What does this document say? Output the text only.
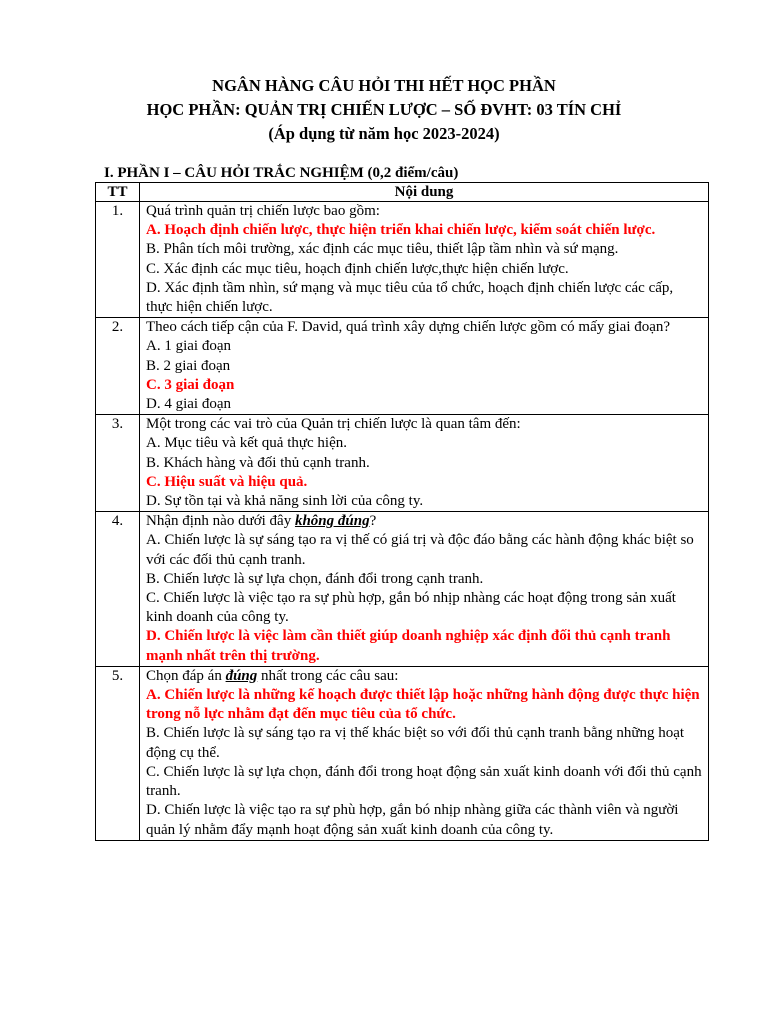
NGÂN HÀNG CÂU HỎI THI HẾT HỌC PHẦN
HỌC PHẦN: QUẢN TRỊ CHIẾN LƯỢC – SỐ ĐVHT: 03 TÍN CHỈ
(Áp dụng từ năm học 2023-2024)
I. PHẦN I – CÂU HỎI TRẮC NGHIỆM (0,2 điểm/câu)
TT	Nội dung
1.	Quá trình quản trị chiến lược bao gồm:
A. Hoạch định chiến lược, thực hiện triển khai chiến lược, kiểm soát chiến lược.
B. Phân tích môi trường, xác định các mục tiêu, thiết lập tầm nhìn và sứ mạng.
C. Xác định các mục tiêu, hoạch định chiến lược,thực hiện chiến lược.
D. Xác định tầm nhìn, sứ mạng và mục tiêu của tổ chức, hoạch định chiến lược các cấp, thực hiện chiến lược.

2.	Theo cách tiếp cận của F. David, quá trình xây dựng chiến lược gồm có mấy giai đoạn?
A. 1 giai đoạn
B. 2 giai đoạn
C. 3 giai đoạn
D. 4 giai đoạn

3.	Một trong các vai trò của Quản trị chiến lược là quan tâm đến:
A. Mục tiêu và kết quả thực hiện.
B. Khách hàng và đối thủ cạnh tranh.
C. Hiệu suất và hiệu quả.
D. Sự tồn tại và khả năng sinh lời của công ty.

4.	Nhận định nào dưới đây không đúng?
A. Chiến lược là sự sáng tạo ra vị thế có giá trị và độc đáo bằng các hành động khác biệt so với các đối thủ cạnh tranh.
B. Chiến lược là sự lựa chọn, đánh đổi trong cạnh tranh.
C. Chiến lược là việc tạo ra sự phù hợp, gắn bó nhịp nhàng các hoạt động trong sản xuất kinh doanh của công ty.
D. Chiến lược là việc làm cần thiết giúp doanh nghiệp xác định đối thủ cạnh tranh mạnh nhất trên thị trường.

5.	Chọn đáp án đúng nhất trong các câu sau:
A. Chiến lược là những kế hoạch được thiết lập hoặc những hành động được thực hiện trong nỗ lực nhằm đạt đến mục tiêu của tổ chức.
B. Chiến lược là sự sáng tạo ra vị thế khác biệt so với đối thủ cạnh tranh bằng những hoạt động cụ thể.
C. Chiến lược là sự lựa chọn, đánh đổi trong hoạt động sản xuất kinh doanh với đối thủ cạnh tranh.
D. Chiến lược là việc tạo ra sự phù hợp, gắn bó nhịp nhàng giữa các thành viên và người quản lý nhằm đẩy mạnh hoạt động sản xuất kinh doanh của công ty.
